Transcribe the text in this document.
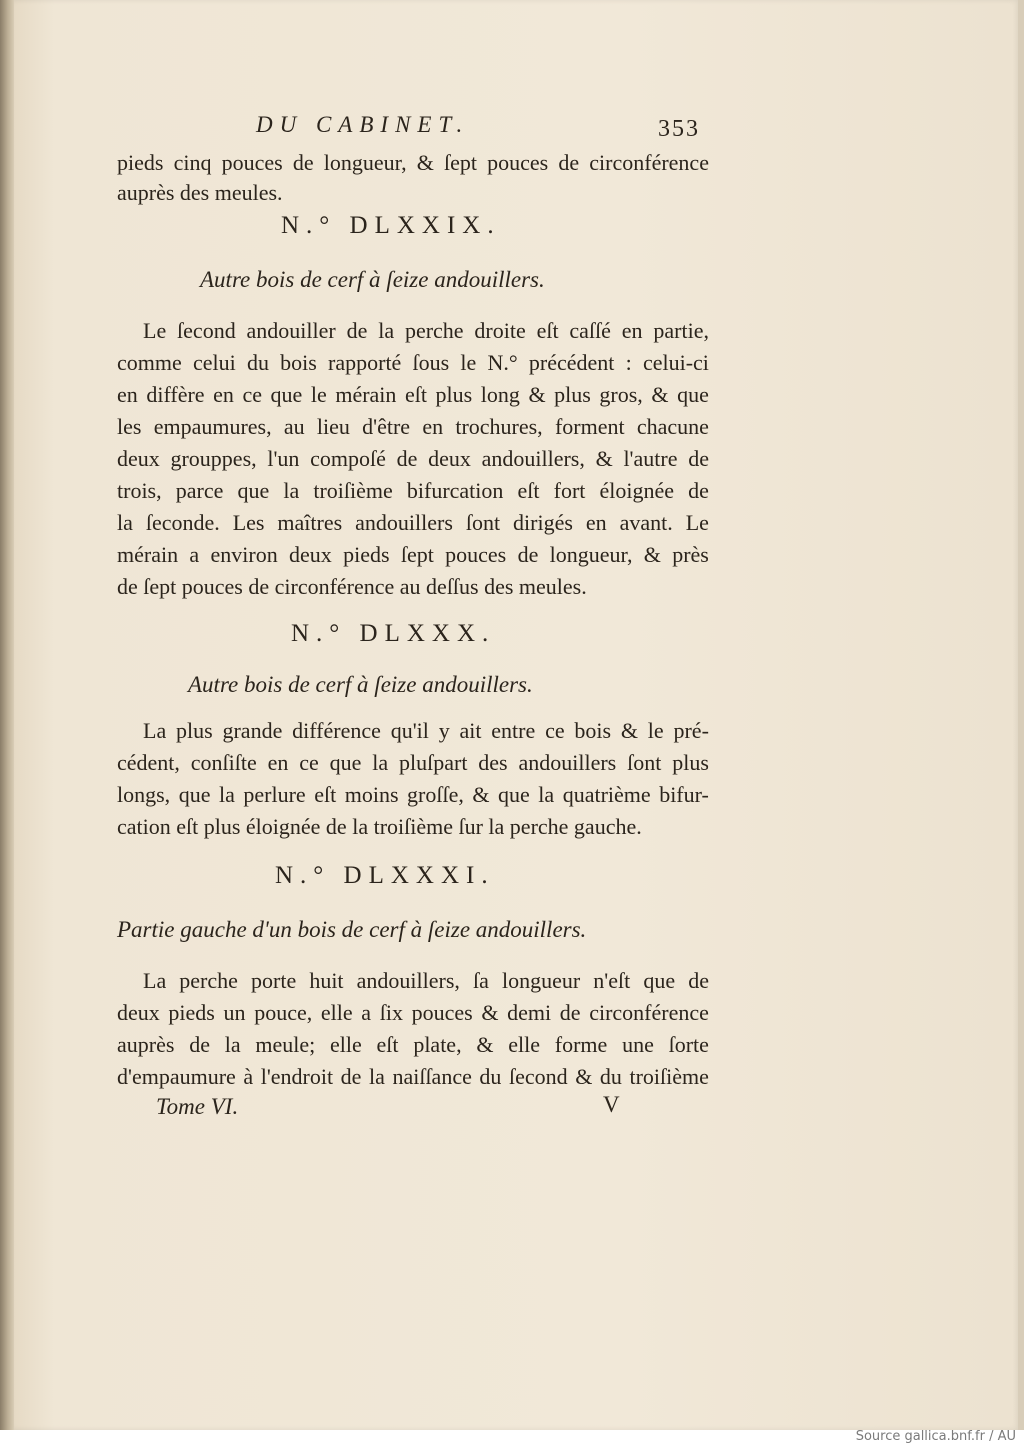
DU CABINET.	353

pieds cinq pouces de longueur, & ſept pouces de circonférence

auprès des meules.

N.° DLXXIX.

Autre bois de cerf à ſeize andouillers.

Le ſecond andouiller de la perche droite eſt caſſé en partie,

comme celui du bois rapporté ſous le N.° précédent : celui-ci

en diffère en ce que le mérain eſt plus long & plus gros, & que

les empaumures, au lieu d'être en trochures, forment chacune

deux grouppes, l'un compoſé de deux andouillers, & l'autre de

trois, parce que la troiſième bifurcation eſt fort éloignée de

la ſeconde. Les maîtres andouillers ſont dirigés en avant. Le

mérain a environ deux pieds ſept pouces de longueur, & près

de ſept pouces de circonférence au deſſus des meules.

N.° DLXXX.

Autre bois de cerf à ſeize andouillers.

La plus grande différence qu'il y ait entre ce bois & le pré-

cédent, conſiſte en ce que la pluſpart des andouillers ſont plus

longs, que la perlure eſt moins groſſe, & que la quatrième bifur-

cation eſt plus éloignée de la troiſième ſur la perche gauche.

N.° DLXXXI.

Partie gauche d'un bois de cerf à ſeize andouillers.

La perche porte huit andouillers, ſa longueur n'eſt que de

deux pieds un pouce, elle a ſix pouces & demi de circonférence

auprès de la meule; elle eſt plate, & elle forme une ſorte

d'empaumure à l'endroit de la naiſſance du ſecond & du troiſième

Tome VI.	V

Source gallica.bnf.fr / AU
